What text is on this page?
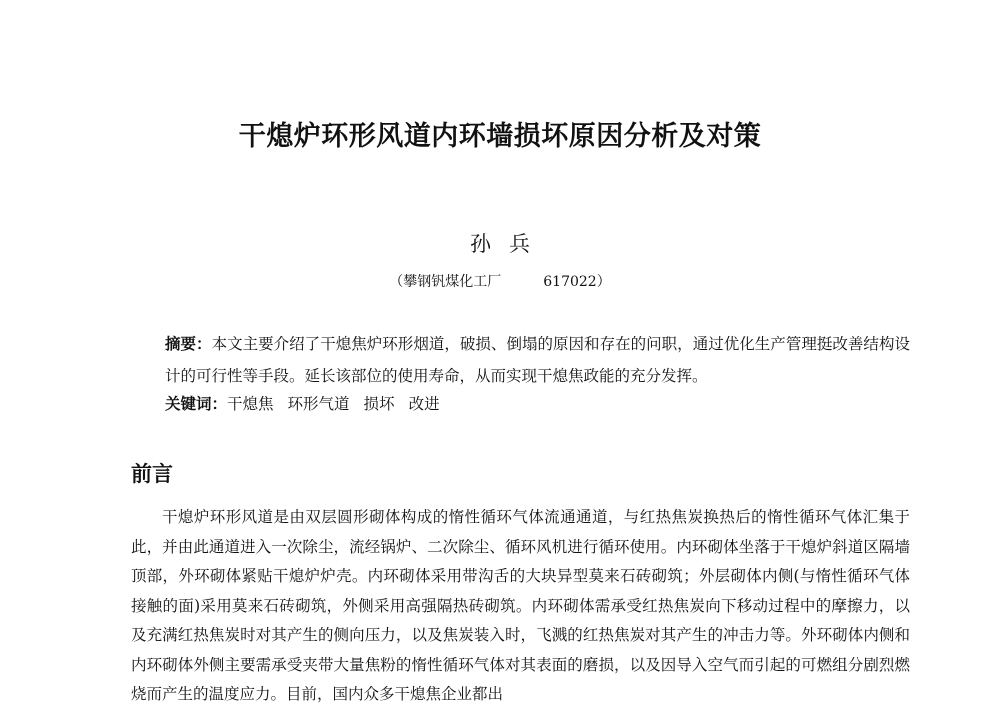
干熄炉环形风道内环墙损坏原因分析及对策
孙兵
（攀钢钒煤化工厂	617022）
摘要：本文主要介绍了干熄焦炉环形烟道，破损、倒塌的原因和存在的问职，通过优化生产管理挺改善结构设计的可行性等手段。延长该部位的使用寿命，从而实现干熄焦政能的充分发挥。
关键词：干熄焦 环形气道 损坏 改进
前言

干熄炉环形风道是由双层圆形砌体构成的惰性循环气体流通通道，与红热焦炭换热后的惰性循环气体汇集于此，并由此通道进入一次除尘，流经锅炉、二次除尘、循环风机进行循环使用。内环砌体坐落于干熄炉斜道区隔墙顶部，外环砌体紧贴干熄炉炉壳。内环砌体采用带沟舌的大块异型莫来石砖砌筑；外层砌体内侧(与惰性循环气体接触的面)采用莫来石砖砌筑，外侧采用高强隔热砖砌筑。内环砌体需承受红热焦炭向下移动过程中的摩擦力，以及充满红热焦炭时对其产生的侧向压力，以及焦炭装入时，飞溅的红热焦炭对其产生的冲击力等。外环砌体内侧和内环砌体外侧主要需承受夹带大量焦粉的惰性循环气体对其表面的磨损，以及因导入空气而引起的可燃组分剧烈燃烧而产生的温度应力。目前，国内众多干熄焦企业都出
